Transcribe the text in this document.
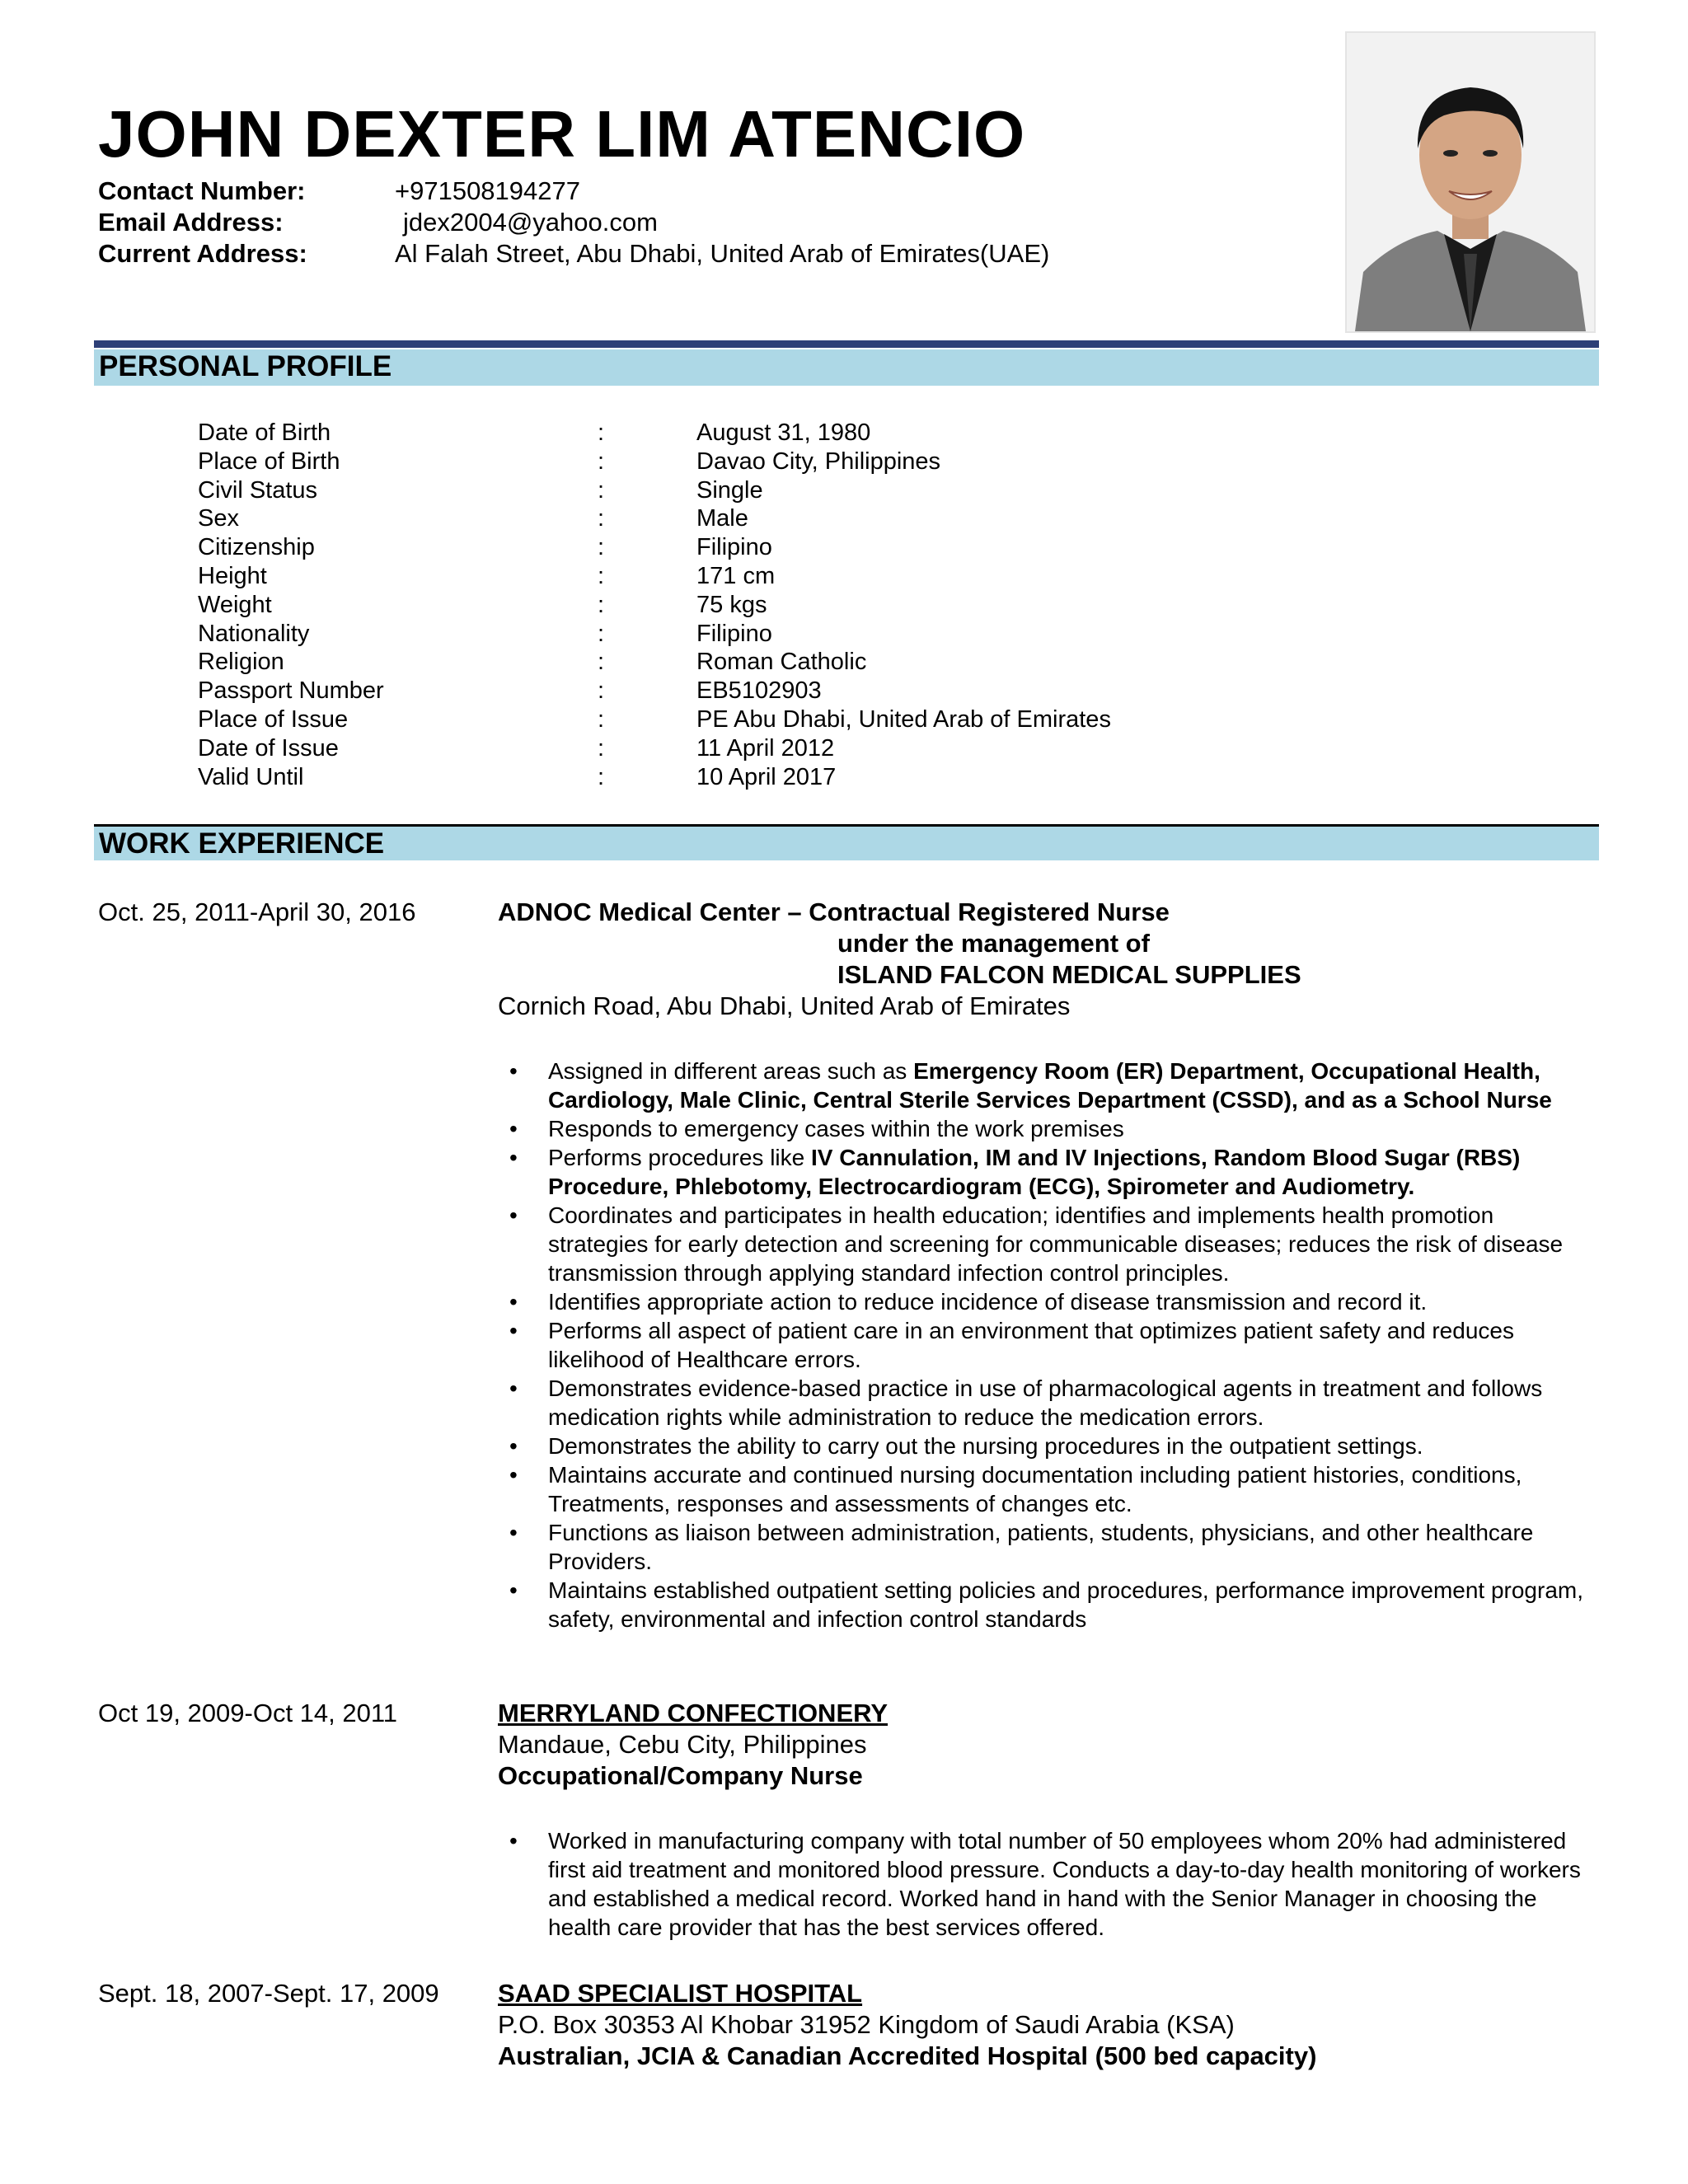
JOHN DEXTER LIM ATENCIO
Contact Number:	+971508194277
Email Address:	jdex2004@yahoo.com
Current Address:	Al Falah Street, Abu Dhabi, United Arab of Emirates(UAE)
PERSONAL PROFILE
Date of Birth	:	August 31, 1980
Place of Birth	:	Davao City, Philippines
Civil Status	:	Single
Sex	:	Male
Citizenship	:	Filipino
Height	:	171 cm
Weight	:	75 kgs
Nationality	:	Filipino
Religion	:	Roman Catholic
Passport Number	:	EB5102903
Place of Issue	:	PE Abu Dhabi, United Arab of Emirates
Date of Issue	:	11 April 2012
Valid Until	:	10 April 2017
WORK EXPERIENCE
Oct. 25, 2011-April 30, 2016	ADNOC Medical Center – Contractual Registered Nurse
under the management of
ISLAND FALCON MEDICAL SUPPLIES
Cornich Road, Abu Dhabi, United Arab of Emirates
• Assigned in different areas such as Emergency Room (ER) Department, Occupational Health, Cardiology, Male Clinic, Central Sterile Services Department (CSSD), and as a School Nurse
• Responds to emergency cases within the work premises
• Performs procedures like IV Cannulation, IM and IV Injections, Random Blood Sugar (RBS) Procedure, Phlebotomy, Electrocardiogram (ECG), Spirometer and Audiometry.
• Coordinates and participates in health education; identifies and implements health promotion strategies for early detection and screening for communicable diseases; reduces the risk of disease transmission through applying standard infection control principles.
• Identifies appropriate action to reduce incidence of disease transmission and record it.
• Performs all aspect of patient care in an environment that optimizes patient safety and reduces likelihood of Healthcare errors.
• Demonstrates evidence-based practice in use of pharmacological agents in treatment and follows medication rights while administration to reduce the medication errors.
• Demonstrates the ability to carry out the nursing procedures in the outpatient settings.
• Maintains accurate and continued nursing documentation including patient histories, conditions, Treatments, responses and assessments of changes etc.
• Functions as liaison between administration, patients, students, physicians, and other healthcare Providers.
• Maintains established outpatient setting policies and procedures, performance improvement program, safety, environmental and infection control standards
Oct 19, 2009-Oct 14, 2011	MERRYLAND CONFECTIONERY
Mandaue, Cebu City, Philippines
Occupational/Company Nurse
• Worked in manufacturing company with total number of 50 employees whom 20% had administered first aid treatment and monitored blood pressure. Conducts a day-to-day health monitoring of workers and established a medical record. Worked hand in hand with the Senior Manager in choosing the health care provider that has the best services offered.
Sept. 18, 2007-Sept. 17, 2009 SAAD SPECIALIST HOSPITAL
P.O. Box 30353 Al Khobar 31952 Kingdom of Saudi Arabia (KSA)
Australian, JCIA & Canadian Accredited Hospital (500 bed capacity)
